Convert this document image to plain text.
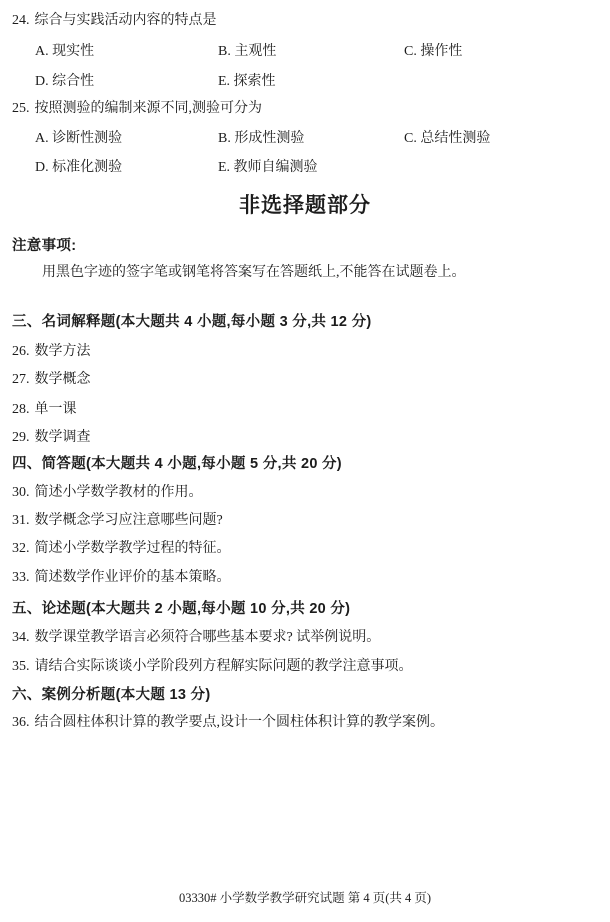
24. 综合与实践活动内容的特点是
A. 现实性	B. 主观性	C. 操作性
D. 综合性	E. 探索性
25. 按照测验的编制来源不同,测验可分为
A. 诊断性测验	B. 形成性测验	C. 总结性测验
D. 标准化测验	E. 教师自编测验
非选择题部分
注意事项:
用黑色字迹的签字笔或钢笔将答案写在答题纸上,不能答在试题卷上。
三、名词解释题(本大题共 4 小题,每小题 3 分,共 12 分)
26. 数学方法
27. 数学概念
28. 单一课
29. 数学调查
四、简答题(本大题共 4 小题,每小题 5 分,共 20 分)
30. 简述小学数学教材的作用。
31. 数学概念学习应注意哪些问题?
32. 简述小学数学教学过程的特征。
33. 简述数学作业评价的基本策略。
五、论述题(本大题共 2 小题,每小题 10 分,共 20 分)
34. 数学课堂教学语言必须符合哪些基本要求? 试举例说明。
35. 请结合实际谈谈小学阶段列方程解实际问题的教学注意事项。
六、案例分析题(本大题 13 分)
36. 结合圆柱体积计算的教学要点,设计一个圆柱体积计算的教学案例。
03330# 小学数学教学研究试题 第 4 页(共 4 页)
